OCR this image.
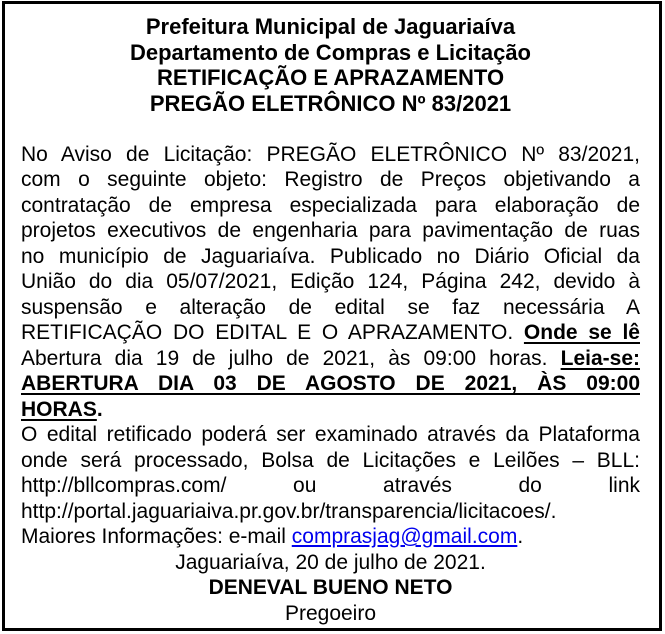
Prefeitura Municipal de Jaguariaíva
Departamento de Compras e Licitação
RETIFICAÇÃO E APRAZAMENTO
PREGÃO ELETRÔNICO Nº 83/2021
No Aviso de Licitação: PREGÃO ELETRÔNICO Nº 83/2021,
com o seguinte objeto: Registro de Preços objetivando a
contratação de empresa especializada para elaboração de
projetos executivos de engenharia para pavimentação de ruas
no município de Jaguariaíva. Publicado no Diário Oficial da
União do dia 05/07/2021, Edição 124, Página 242, devido à
suspensão e alteração de edital se faz necessária A
RETIFICAÇÃO DO EDITAL E O APRAZAMENTO. Onde se lê
Abertura dia 19 de julho de 2021, às 09:00 horas. Leia-se:
ABERTURA DIA 03 DE AGOSTO DE 2021, ÀS 09:00
HORAS.
O edital retificado poderá ser examinado através da Plataforma
onde será processado, Bolsa de Licitações e Leilões – BLL:
http://bllcompras.com/ ou através do link
http://portal.jaguariaiva.pr.gov.br/transparencia/licitacoes/.
Maiores Informações: e-mail comprasjag@gmail.com.
Jaguariaíva, 20 de julho de 2021.
DENEVAL BUENO NETO
Pregoeiro
